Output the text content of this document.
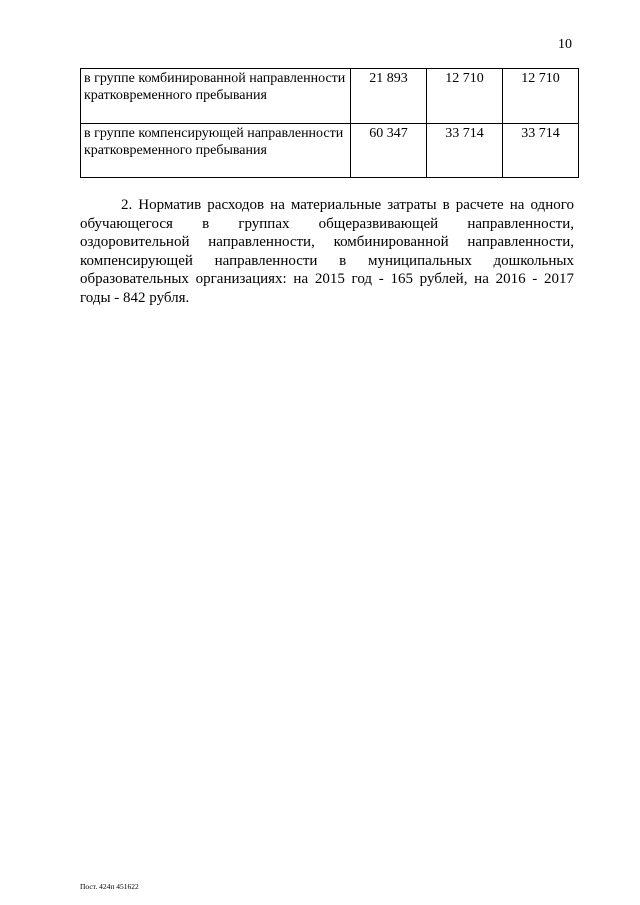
10
в группе комбинированной направленности кратковременного пребывания	21 893	12 710	12 710
в группе компенсирующей направленности кратковременного пребывания	60 347	33 714	33 714

2. Норматив расходов на материальные затраты в расчете на одного обучающегося в группах общеразвивающей направленности, оздоровительной направленности, комбинированной направленности, компенсирующей направленности в муниципальных дошкольных образовательных организациях: на 2015 год - 165 рублей, на 2016 - 2017 годы - 842 рубля.

Пост. 424п 451622
